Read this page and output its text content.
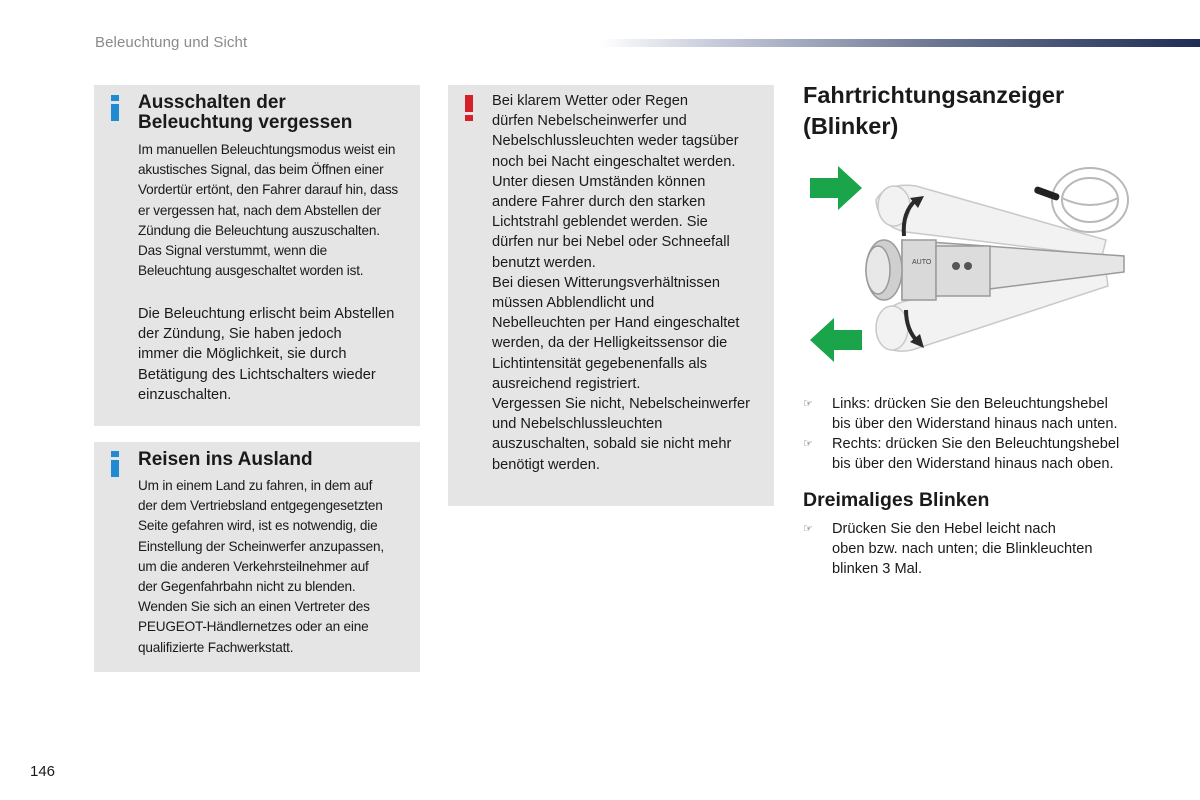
Beleuchtung und Sicht
Ausschalten der
Beleuchtung vergessen
Im manuellen Beleuchtungsmodus weist ein
akustisches Signal, das beim Öffnen einer
Vordertür ertönt, den Fahrer darauf hin, dass
er vergessen hat, nach dem Abstellen der
Zündung die Beleuchtung auszuschalten.
Das Signal verstummt, wenn die
Beleuchtung ausgeschaltet worden ist.
Die Beleuchtung erlischt beim Abstellen
der Zündung, Sie haben jedoch
immer die Möglichkeit, sie durch
Betätigung des Lichtschalters wieder
einzuschalten.
Reisen ins Ausland
Um in einem Land zu fahren, in dem auf
der dem Vertriebsland entgegengesetzten
Seite gefahren wird, ist es notwendig, die
Einstellung der Scheinwerfer anzupassen,
um die anderen Verkehrsteilnehmer auf
der Gegenfahrbahn nicht zu blenden.
Wenden Sie sich an einen Vertreter des
PEUGEOT-Händlernetzes oder an eine
qualifizierte Fachwerkstatt.
Bei klarem Wetter oder Regen
dürfen Nebelscheinwerfer und
Nebelschlussleuchten weder tagsüber
noch bei Nacht eingeschaltet werden.
Unter diesen Umständen können
andere Fahrer durch den starken
Lichtstrahl geblendet werden. Sie
dürfen nur bei Nebel oder Schneefall
benutzt werden.
Bei diesen Witterungsverhältnissen
müssen Abblendlicht und
Nebelleuchten per Hand eingeschaltet
werden, da der Helligkeitssensor die
Lichtintensität gegebenenfalls als
ausreichend registriert.
Vergessen Sie nicht, Nebelscheinwerfer
und Nebelschlussleuchten
auszuschalten, sobald sie nicht mehr
benötigt werden.
Fahrtrichtungsanzeiger
(Blinker)
AUTO
☞ Links: drücken Sie den Beleuchtungshebel
bis über den Widerstand hinaus nach unten.
☞ Rechts: drücken Sie den Beleuchtungshebel
bis über den Widerstand hinaus nach oben.
Dreimaliges Blinken
☞ Drücken Sie den Hebel leicht nach
oben bzw. nach unten; die Blinkleuchten
blinken 3 Mal.
146
